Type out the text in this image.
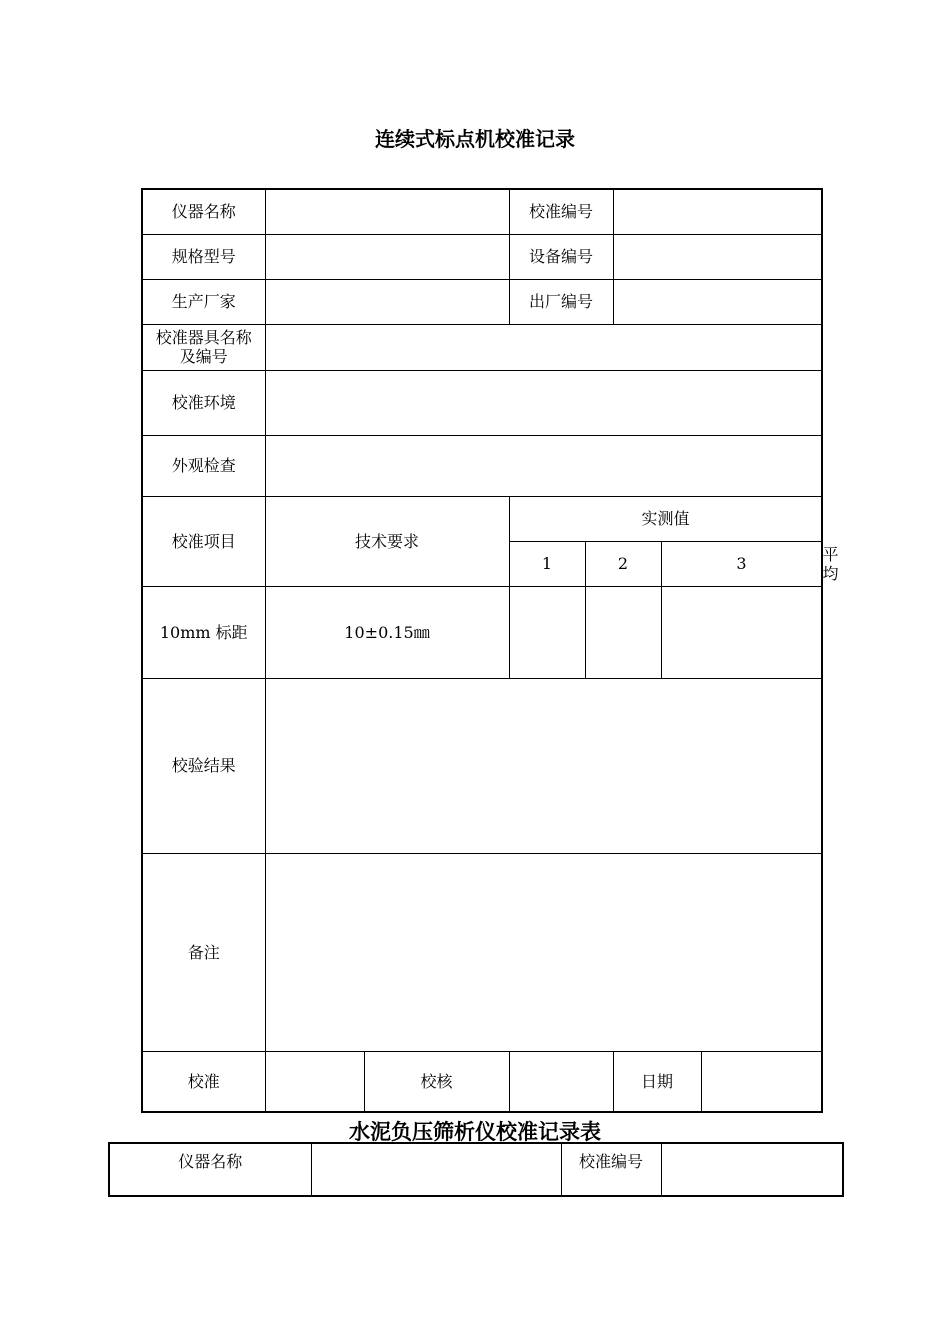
连续式标点机校准记录
仪器名称			校准编号					
规格型号			设备编号					
生产厂家			出厂编号					
校准器具名称及编号								
校准环境								
外观检查								
校准项目	技术要求		实测值					
			1	2		3		平均
10mm 标距	10±0.15㎜							
校验结果								
备注								
校准		校核			日期			
水泥负压筛析仪校准记录表
仪器名称		校准编号	
